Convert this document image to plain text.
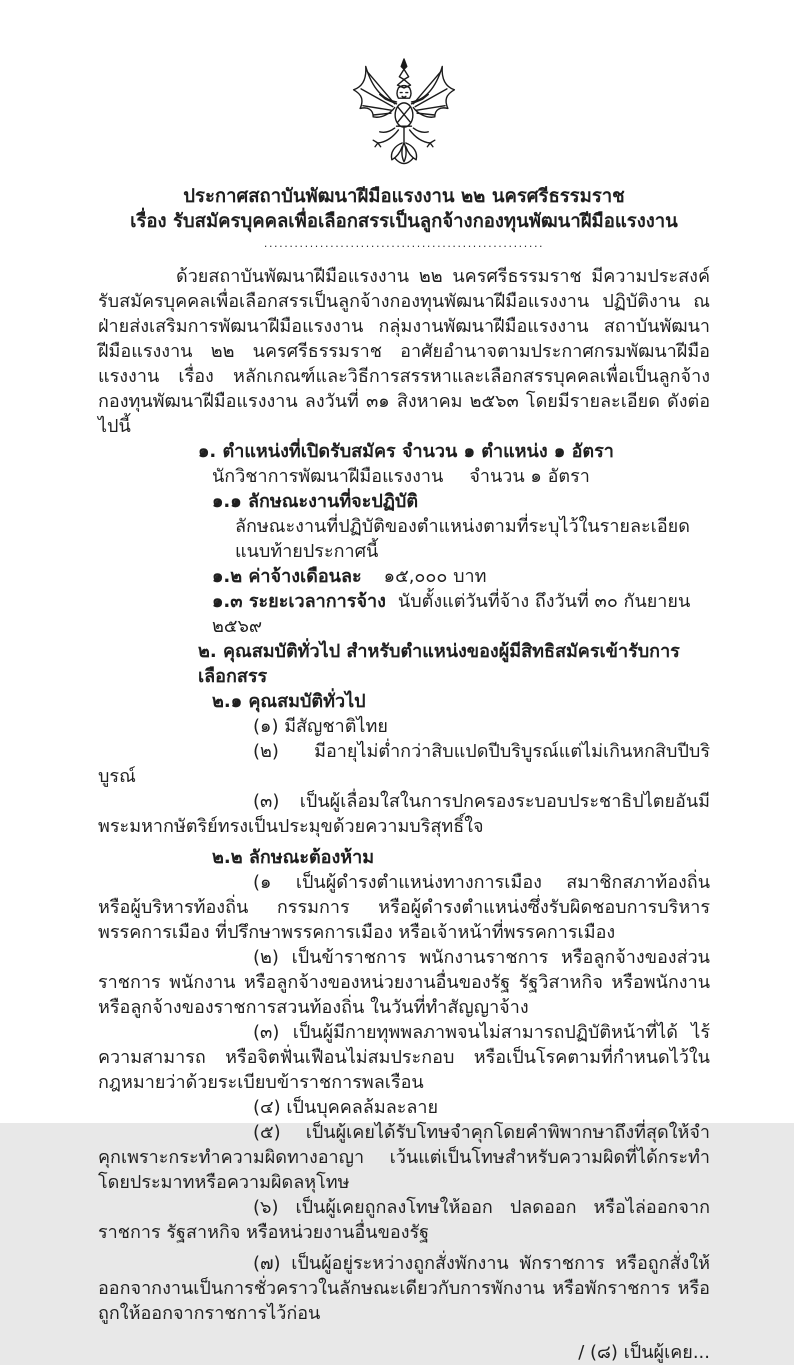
ประกาศสถาบันพัฒนาฝีมือแรงงาน ๒๒ นครศรีธรรมราช
เรื่อง รับสมัครบุคคลเพื่อเลือกสรรเป็นลูกจ้างกองทุนพัฒนาฝีมือแรงงาน
.......................................................

ด้วยสถาบันพัฒนาฝีมือแรงงาน ๒๒ นครศรีธรรมราช มีความประสงค์รับสมัครบุคคลเพื่อเลือกสรรเป็นลูกจ้างกองทุนพัฒนาฝีมือแรงงาน ปฏิบัติงาน ณ ฝ่ายส่งเสริมการพัฒนาฝีมือแรงงาน กลุ่มงานพัฒนาฝีมือแรงงาน สถาบันพัฒนาฝีมือแรงงาน ๒๒ นครศรีธรรมราช อาศัยอำนาจตามประกาศกรมพัฒนาฝีมือแรงงาน เรื่อง หลักเกณฑ์และวิธีการสรรหาและเลือกสรรบุคคลเพื่อเป็นลูกจ้างกองทุนพัฒนาฝีมือแรงงาน ลงวันที่ ๓๑ สิงหาคม ๒๕๖๓ โดยมีรายละเอียด ดังต่อไปนี้

๑. ตำแหน่งที่เปิดรับสมัคร จำนวน ๑ ตำแหน่ง ๑ อัตรา

นักวิชาการพัฒนาฝีมือแรงงาน จำนวน ๑ อัตรา

๑.๑ ลักษณะงานที่จะปฏิบัติ

ลักษณะงานที่ปฏิบัติของตำแหน่งตามที่ระบุไว้ในรายละเอียดแนบท้ายประกาศนี้

๑.๒ ค่าจ้างเดือนละ ๑๕,๐๐๐ บาท

๑.๓ ระยะเวลาการจ้าง นับตั้งแต่วันที่จ้าง ถึงวันที่ ๓๐ กันยายน ๒๕๖๙

๒. คุณสมบัติทั่วไป สำหรับตำแหน่งของผู้มีสิทธิสมัครเข้ารับการเลือกสรร

๒.๑ คุณสมบัติทั่วไป

(๑) มีสัญชาติไทย

(๒) มีอายุไม่ต่ำกว่าสิบแปดปีบริบูรณ์แต่ไม่เกินหกสิบปีบริบูรณ์

(๓) เป็นผู้เลื่อมใสในการปกครองระบอบประชาธิปไตยอันมีพระมหากษัตริย์ทรงเป็นประมุขด้วยความบริสุทธิ์ใจ

๒.๒ ลักษณะต้องห้าม

(๑ เป็นผู้ดำรงตำแหน่งทางการเมือง สมาชิกสภาท้องถิ่น หรือผู้บริหารท้องถิ่น กรรมการ หรือผู้ดำรงตำแหน่งซึ่งรับผิดชอบการบริหารพรรคการเมือง ที่ปรึกษาพรรคการเมือง หรือเจ้าหน้าที่พรรคการเมือง

(๒) เป็นข้าราชการ พนักงานราชการ หรือลูกจ้างของส่วนราชการ พนักงาน หรือลูกจ้างของหน่วยงานอื่นของรัฐ รัฐวิสาหกิจ หรือพนักงาน หรือลูกจ้างของราชการสวนท้องถิ่น ในวันที่ทำสัญญาจ้าง

(๓) เป็นผู้มีกายทุพพลภาพจนไม่สามารถปฏิบัติหน้าที่ได้ ไร้ความสามารถ หรือจิตฟั่นเฟือนไม่สมประกอบ หรือเป็นโรคตามที่กำหนดไว้ในกฎหมายว่าด้วยระเบียบข้าราชการพลเรือน

(๔) เป็นบุคคลล้มละลาย

(๕) เป็นผู้เคยได้รับโทษจำคุกโดยคำพิพากษาถึงที่สุดให้จำคุกเพราะกระทำความผิดทางอาญา เว้นแต่เป็นโทษสำหรับความผิดที่ได้กระทำโดยประมาทหรือความผิดลหุโทษ

(๖) เป็นผู้เคยถูกลงโทษให้ออก ปลดออก หรือไล่ออกจากราชการ รัฐสาหกิจ หรือหน่วยงานอื่นของรัฐ

(๗) เป็นผู้อยู่ระหว่างถูกสั่งพักงาน พักราชการ หรือถูกสั่งให้ออกจากงานเป็นการชั่วคราวในลักษณะเดียวกับการพักงาน หรือพักราชการ หรือถูกให้ออกจากราชการไว้ก่อน

/ (๘) เป็นผู้เคย...
